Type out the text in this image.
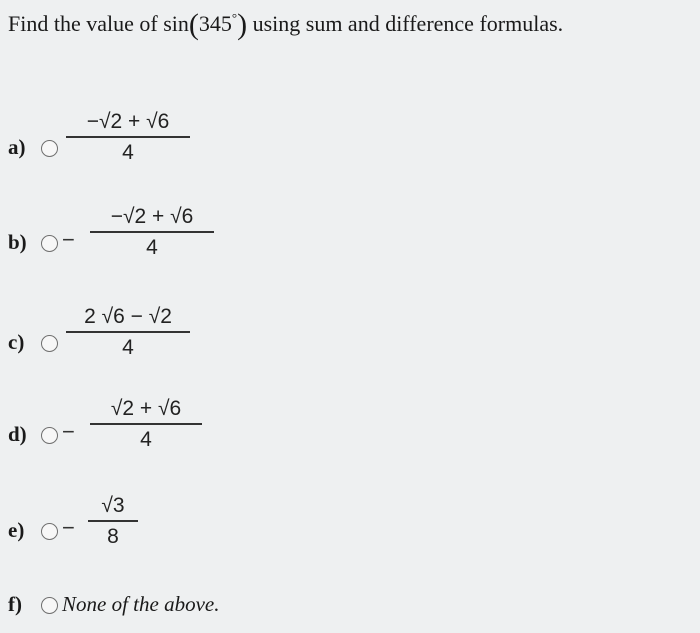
Find the value of sin(345°) using sum and difference formulas.
a)
−√2 + √6
4
b) −
−√2 + √6
4
c)
2 √6 − √2
4
d) −
√2 + √6
4
e) −
√3
8
f) None of the above.
